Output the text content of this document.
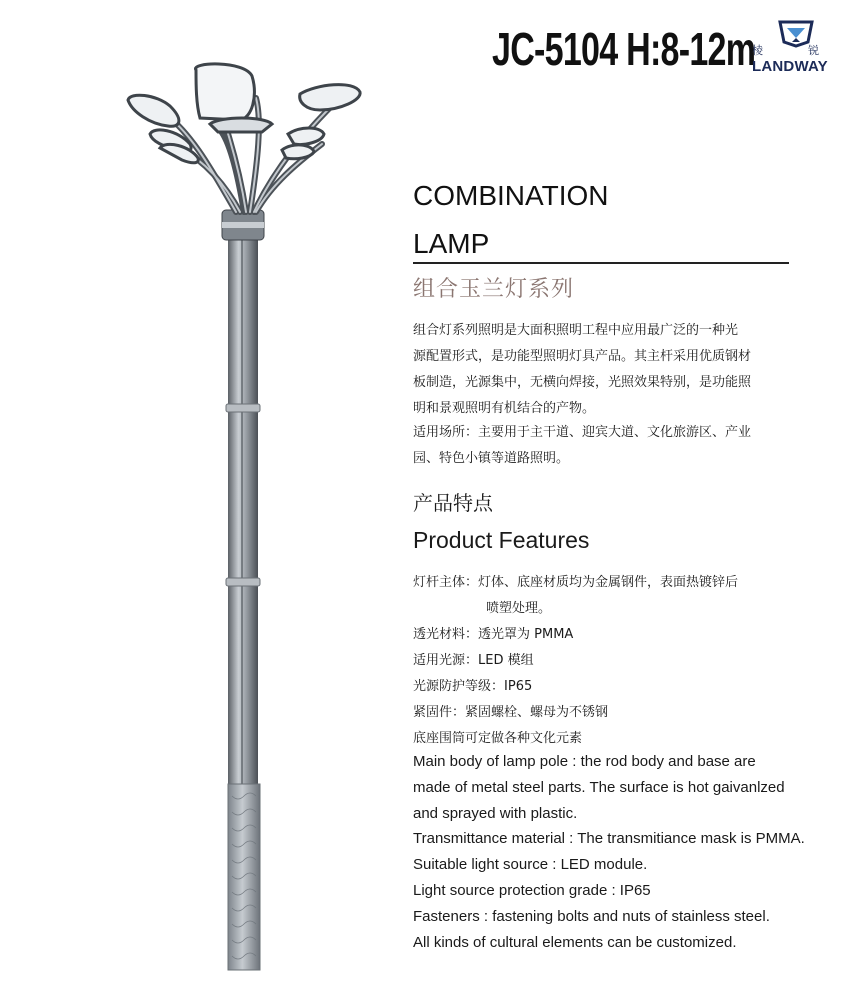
JC-5104 H:8-12m
棱	锐
LANDWAY
COMBINATION
LAMP
组合玉兰灯系列
组合灯系列照明是大面积照明工程中应用最广泛的一种光
源配置形式，是功能型照明灯具产品。其主杆采用优质钢材
板制造，光源集中，无横向焊接，光照效果特别，是功能照
明和景观照明有机结合的产物。
适用场所：主要用于主干道、迎宾大道、文化旅游区、产业
园、特色小镇等道路照明。
产品特点
Product Features
灯杆主体： 灯体、底座材质均为金属钢件，表面热镀锌后
喷塑处理。
透光材料： 透光罩为 PMMA
适用光源： LED 模组
光源防护等级： IP65
紧固件： 紧固螺栓、螺母为不锈钢
底座围筒可定做各种文化元素
Main body of lamp pole : the rod body and base are
made of metal steel parts. The surface is hot gaivanlzed
and sprayed with plastic.
Transmittance material : The transmitiance mask is PMMA.
Suitable light source : LED module.
Light source protection grade : IP65
Fasteners : fastening bolts and nuts of stainless steel.
All kinds of cultural elements can be customized.
